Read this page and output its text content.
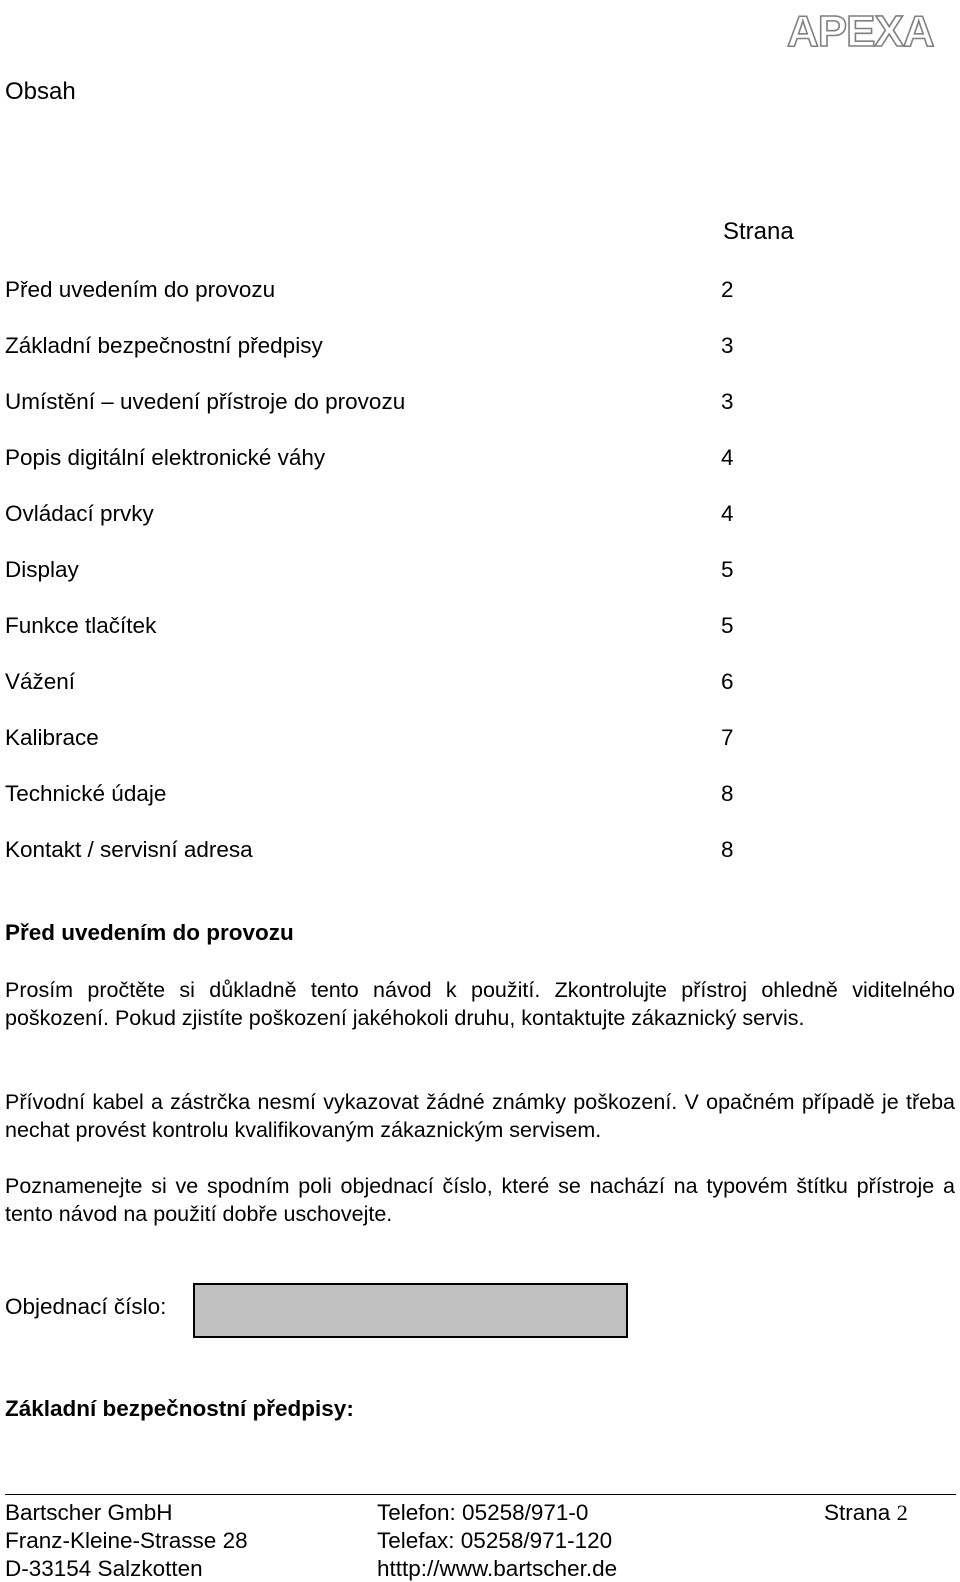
APEXA
Obsah
Strana
Před uvedením do provozu	2
Základní bezpečnostní předpisy	3
Umístění – uvedení přístroje do provozu	3
Popis digitální elektronické váhy	4
Ovládací prvky	4
Display	5
Funkce tlačítek	5
Vážení	6
Kalibrace	7
Technické údaje	8
Kontakt / servisní adresa	8
Před uvedením do provozu

Prosím pročtěte si důkladně tento návod k použití. Zkontrolujte přístroj ohledně viditelného poškození. Pokud zjistíte poškození jakéhokoli druhu, kontaktujte zákaznický servis.

Přívodní kabel a zástrčka nesmí vykazovat žádné známky poškození. V opačném případě je třeba nechat provést kontrolu kvalifikovaným zákaznickým servisem.

Poznamenejte si ve spodním poli objednací číslo, které se nachází na typovém štítku přístroje a tento návod na použití dobře uschovejte.

Objednací číslo:
Základní bezpečnostní předpisy:
Bartscher GmbH
Franz-Kleine-Strasse 28
D-33154 Salzkotten
Telefon: 05258/971-0
Telefax: 05258/971-120
htttp://www.bartscher.de
Strana 2
